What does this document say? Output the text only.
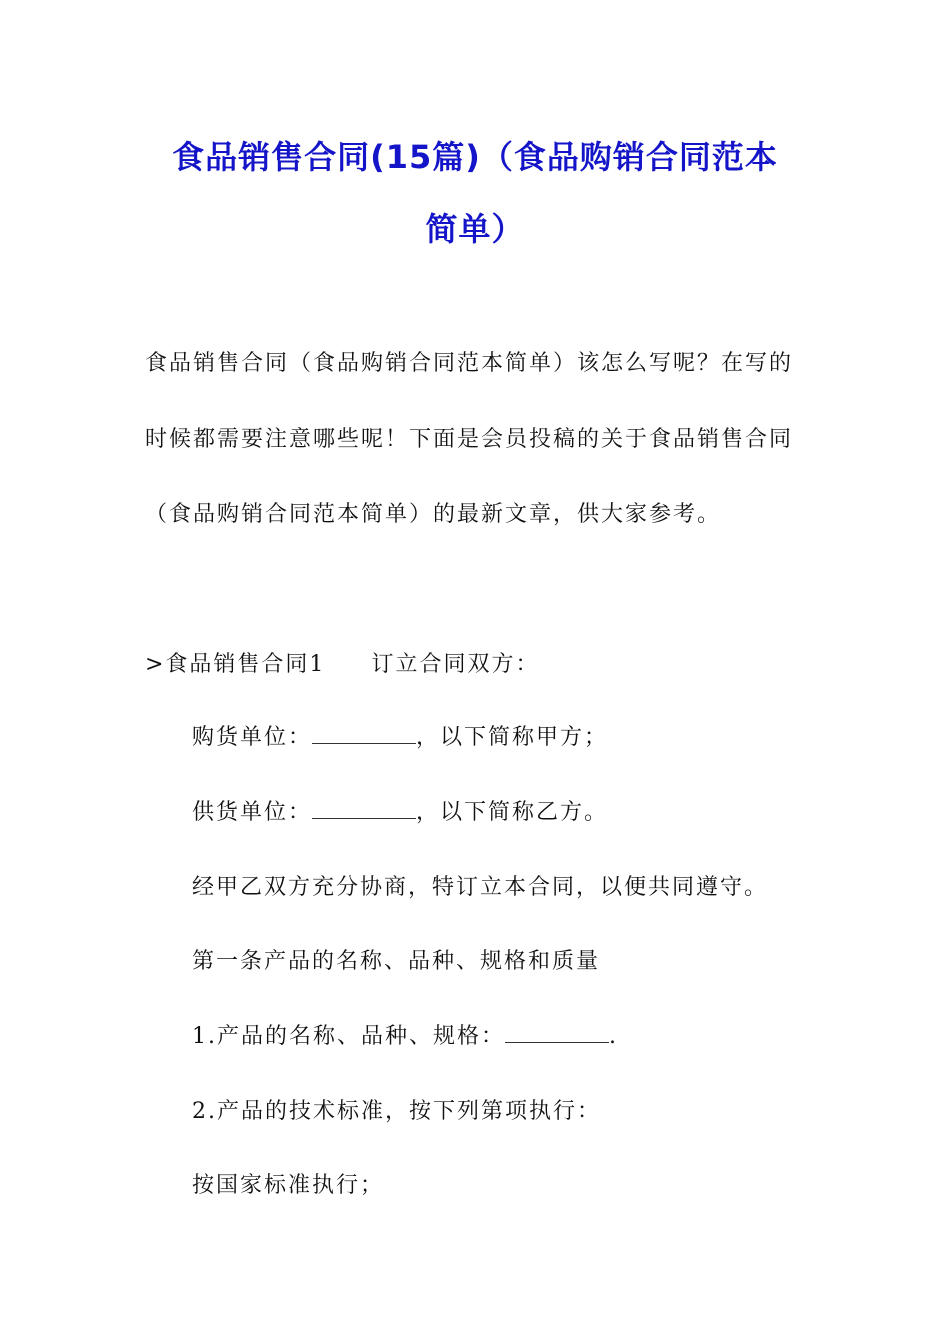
食品销售合同(15篇)（食品购销合同范本
简单）
食品销售合同（食品购销合同范本简单）该怎么写呢？在写的
时候都需要注意哪些呢！下面是会员投稿的关于食品销售合同
（食品购销合同范本简单）的最新文章，供大家参考。
>食品销售合同1 订立合同双方：
购货单位：	，以下简称甲方；
供货单位：	，以下简称乙方。
经甲乙双方充分协商，特订立本合同，以便共同遵守。
第一条产品的名称、品种、规格和质量
1.产品的名称、品种、规格：	.
2.产品的技术标准，按下列第项执行：
按国家标准执行；
